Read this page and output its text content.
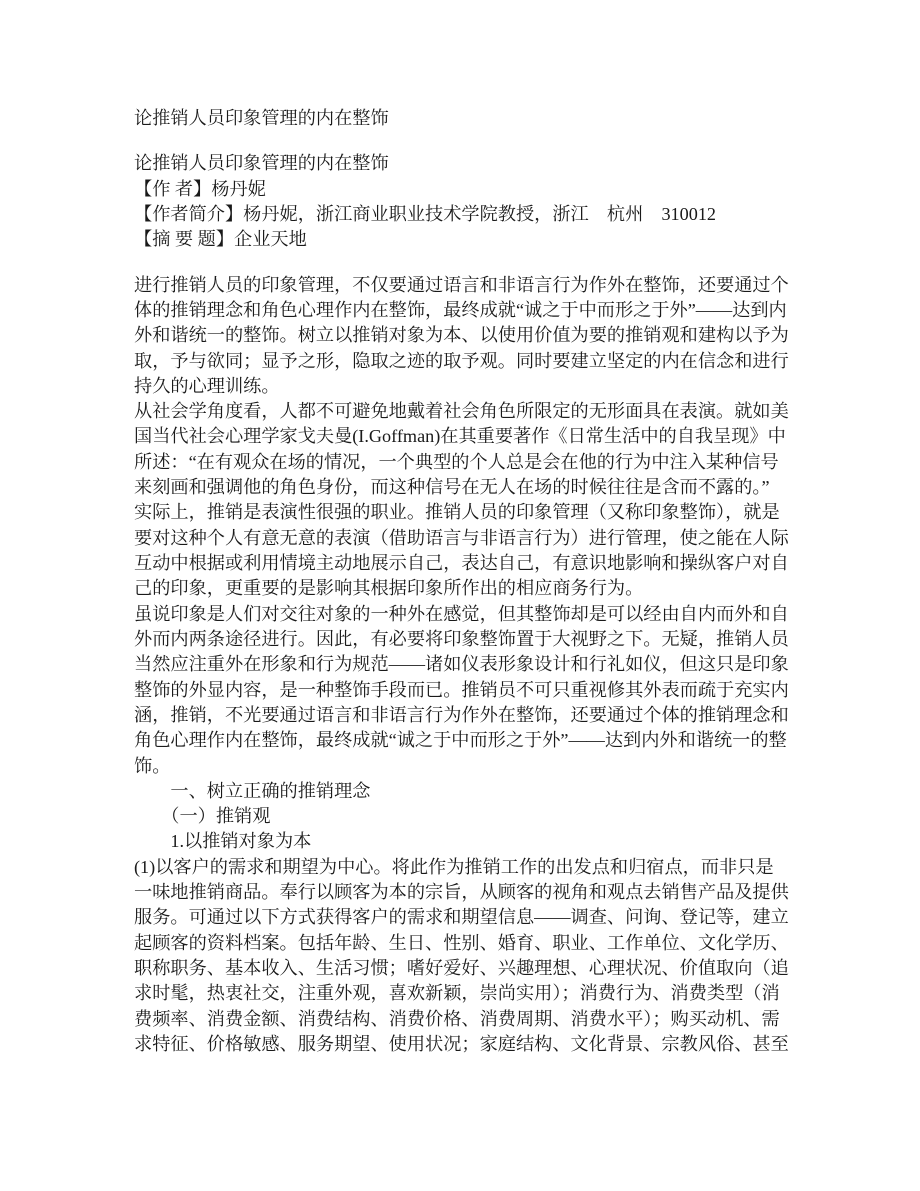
论推销人员印象管理的内在整饰
论推销人员印象管理的内在整饰
【作 者】杨丹妮
【作者简介】杨丹妮，浙江商业职业技术学院教授，浙江　杭州　310012
【摘 要 题】企业天地
进行推销人员的印象管理，不仅要通过语言和非语言行为作外在整饰，还要通过个
体的推销理念和角色心理作内在整饰，最终成就“诚之于中而形之于外”——达到内
外和谐统一的整饰。树立以推销对象为本、以使用价值为要的推销观和建构以予为
取，予与欲同；显予之形，隐取之迹的取予观。同时要建立坚定的内在信念和进行
持久的心理训练。
从社会学角度看，人都不可避免地戴着社会角色所限定的无形面具在表演。就如美
国当代社会心理学家戈夫曼(I.Goffman)在其重要著作《日常生活中的自我呈现》中
所述：“在有观众在场的情况，一个典型的个人总是会在他的行为中注入某种信号
来刻画和强调他的角色身份，而这种信号在无人在场的时候往往是含而不露的。”
实际上，推销是表演性很强的职业。推销人员的印象管理（又称印象整饰），就是
要对这种个人有意无意的表演（借助语言与非语言行为）进行管理，使之能在人际
互动中根据或利用情境主动地展示自己，表达自己，有意识地影响和操纵客户对自
己的印象，更重要的是影响其根据印象所作出的相应商务行为。
虽说印象是人们对交往对象的一种外在感觉，但其整饰却是可以经由自内而外和自
外而内两条途径进行。因此，有必要将印象整饰置于大视野之下。无疑，推销人员
当然应注重外在形象和行为规范——诸如仪表形象设计和行礼如仪，但这只是印象
整饰的外显内容，是一种整饰手段而已。推销员不可只重视修其外表而疏于充实内
涵，推销，不光要通过语言和非语言行为作外在整饰，还要通过个体的推销理念和
角色心理作内在整饰，最终成就“诚之于中而形之于外”——达到内外和谐统一的整
饰。
　　一、树立正确的推销理念
　　（一）推销观
　　1.以推销对象为本
(1)以客户的需求和期望为中心。将此作为推销工作的出发点和归宿点，而非只是
一味地推销商品。奉行以顾客为本的宗旨，从顾客的视角和观点去销售产品及提供
服务。可通过以下方式获得客户的需求和期望信息——调查、问询、登记等，建立
起顾客的资料档案。包括年龄、生日、性别、婚育、职业、工作单位、文化学历、
职称职务、基本收入、生活习惯；嗜好爱好、兴趣理想、心理状况、价值取向（追
求时髦，热衷社交，注重外观，喜欢新颖，崇尚实用）；消费行为、消费类型（消
费频率、消费金额、消费结构、消费价格、消费周期、消费水平）；购买动机、需
求特征、价格敏感、服务期望、使用状况；家庭结构、文化背景、宗教风俗、甚至
